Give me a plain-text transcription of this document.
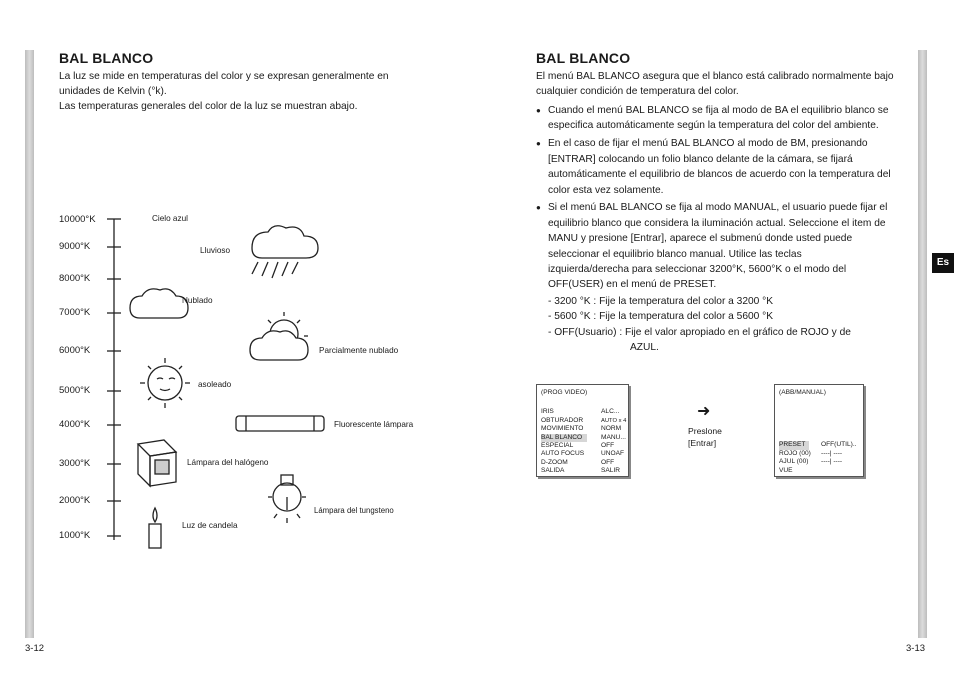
BAL BLANCO
La luz se mide en temperaturas del color y se expresan generalmente en
unidades de Kelvin (°k).
Las temperaturas generales del color de la luz se muestran abajo.
10000°K
9000°K
8000°K
7000°K
6000°K
5000°K
4000°K
3000°K
2000°K
1000°K
Cielo azul
Lluvioso
Nublado
Parcialmente nublado
asoleado
Fluorescente lámpara
Lámpara del halógeno
Lámpara del tungsteno
Luz de candela
3-12
BAL BLANCO
El menú BAL BLANCO asegura que el blanco está calibrado normalmente bajo
cualquier condición de temperatura del color.
● Cuando el menú BAL BLANCO se fija al modo de BA el equilibrio blanco se
especifica automáticamente según la temperatura del color del ambiente.
● En el caso de fijar el menú BAL BLANCO al modo de BM, presionando
[ENTRAR] colocando un folio blanco delante de la cámara, se fijará
automáticamente el equilibrio de blancos de acuerdo con la temperatura del
color esta vez solamente.
● Si el menú BAL BLANCO se fija al modo MANUAL, el usuario puede fijar el
equilibrio blanco que considera la iluminación actual. Seleccione el item de
MANU y presione [Entrar], aparece el submenú donde usted puede
seleccionar el equilibrio blanco manual. Utilice las teclas
izquierda/derecha para seleccionar 3200°K, 5600°K o el modo del
OFF(USER) en el menú de PRESET.
- 3200 °K : Fije la temperatura del color a 3200 °K
- 5600 °K : Fije la temperatura del color a 5600 °K
- OFF(Usuario) : Fije el valor apropiado en el gráfico de ROJO y de
AZUL.
(PROG VIDEO)
IRIS	ALC...
OBTURADOR	AUTO x 4
MOVIMIENTO	NORM
BAL BLANCO	MANU...
ESPECIAL	OFF
AUTO FOCUS	UNOAF
D-ZOOM	OFF
SALIDA	SALIR
➜
Preslone
[Entrar]
(ABB/MANUAL)
PRESET	OFF(UTIL)..
ROJO (00)	----| ----
AJUL (00)	----| ----
VUE
Es
3-13
